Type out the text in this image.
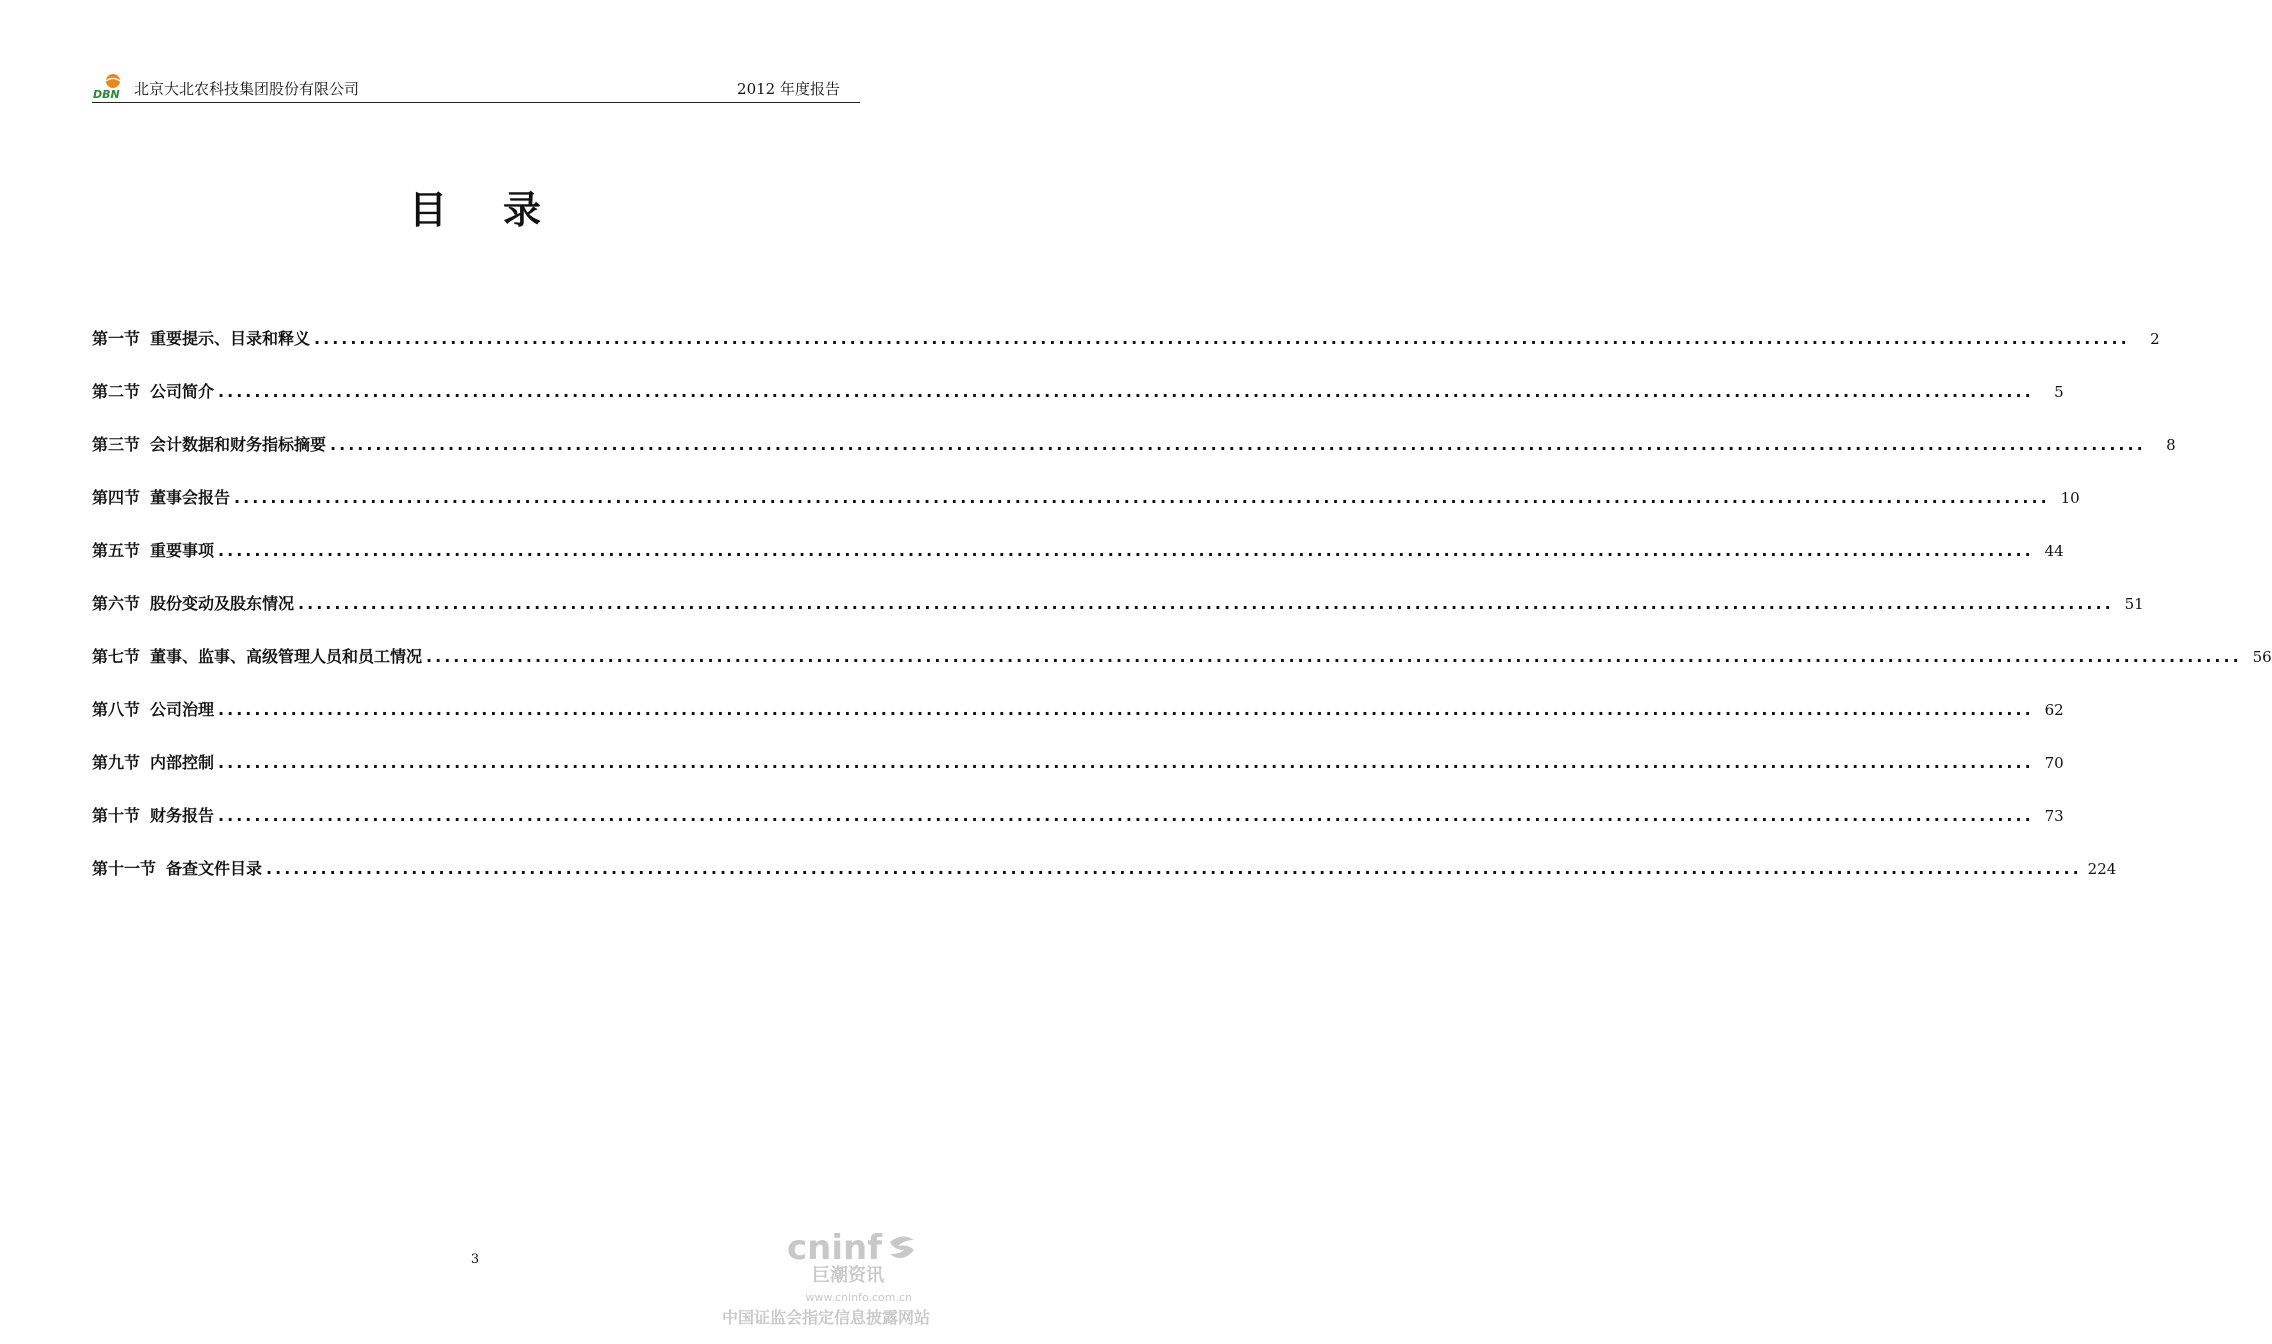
DBN 北京大北农科技集团股份有限公司	2012 年度报告
目录
第一节 重要提示、目录和释义 ........................................................................................................................................................................................................	2
第二节 公司简介 ........................................................................................................................................................................................................	5
第三节 会计数据和财务指标摘要 ........................................................................................................................................................................................................	8
第四节 董事会报告 ........................................................................................................................................................................................................ 10
第五节 重要事项 ........................................................................................................................................................................................................ 44
第六节 股份变动及股东情况 ........................................................................................................................................................................................................ 51
第七节 董事、监事、高级管理人员和员工情况 ........................................................................................................................................................................................................ 56
第八节 公司治理 ........................................................................................................................................................................................................ 62
第九节 内部控制 ........................................................................................................................................................................................................ 70
第十节 财务报告 ........................................................................................................................................................................................................ 73
第十一节 备查文件目录 ........................................................................................................................................................................................................ 224
3	cninf
巨潮资讯
www.cninfo.com.cn
中国证监会指定信息披露网站
